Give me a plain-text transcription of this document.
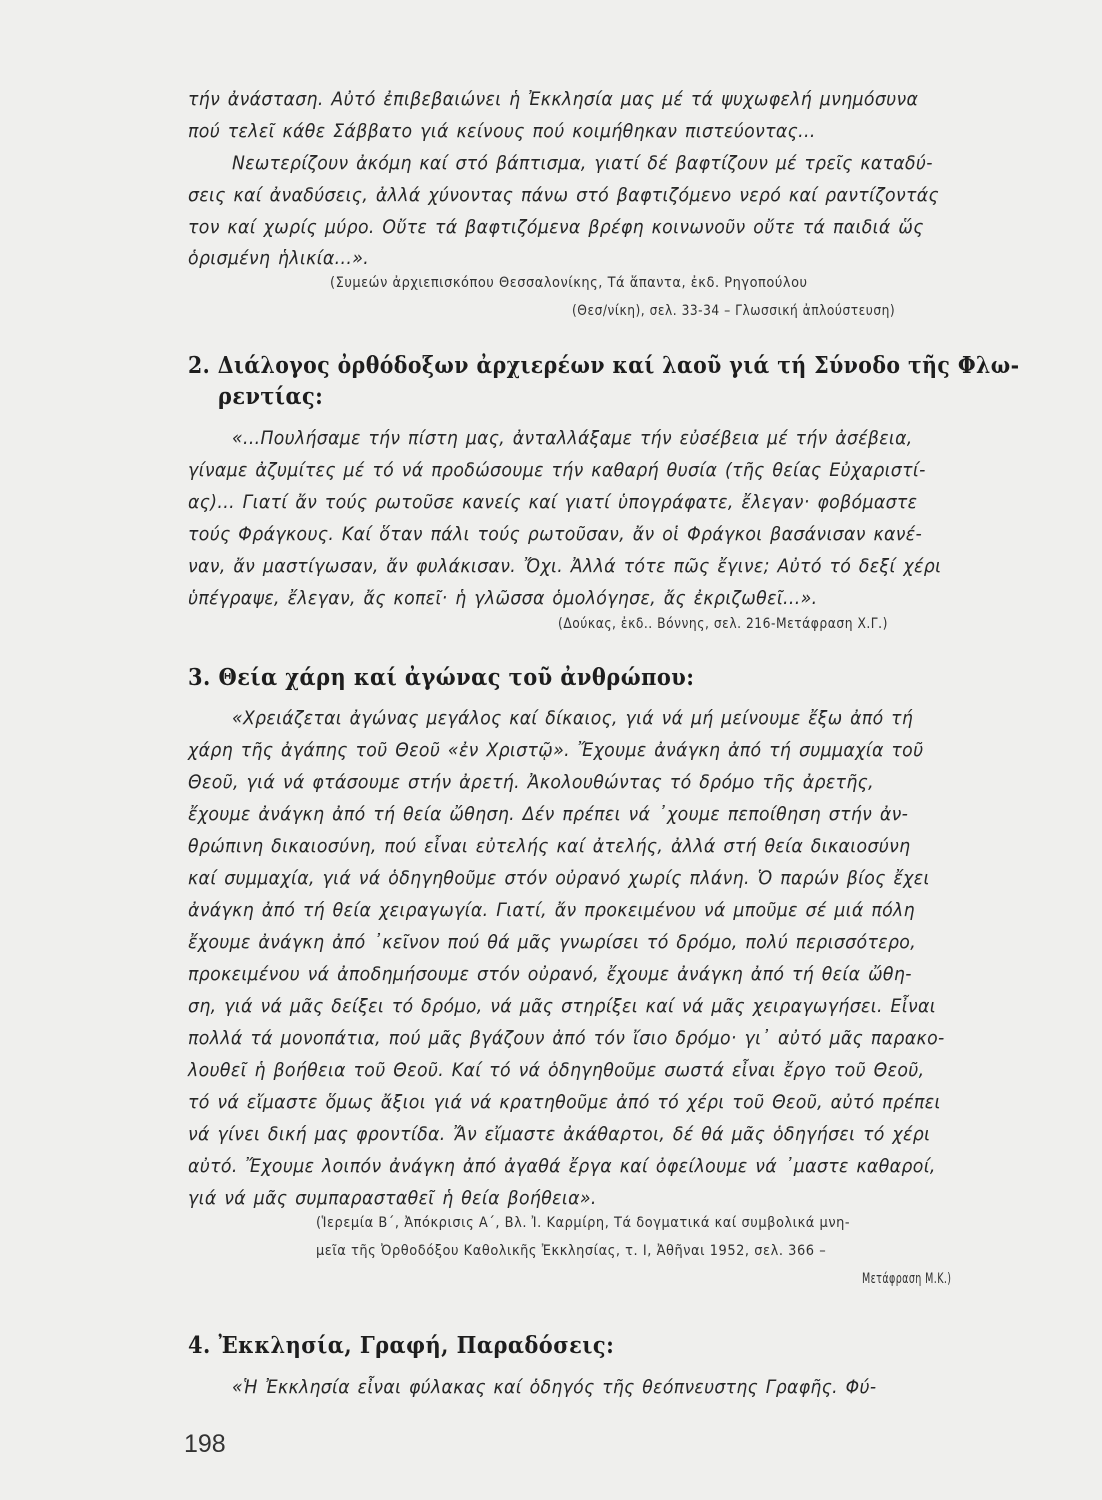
τήν ἀνάσταση. Αὐτό ἐπιβεβαιώνει ἡ Ἐκκλησία μας μέ τά ψυχωφελή μνημόσυνα
πού τελεῖ κάθε Σάββατο γιά κείνους πού κοιμήθηκαν πιστεύοντας...
Νεωτερίζουν ἀκόμη καί στό βάπτισμα, γιατί δέ βαφτίζουν μέ τρεῖς καταδύ-
σεις καί ἀναδύσεις, ἀλλά χύνοντας πάνω στό βαφτιζόμενο νερό καί ραντίζοντάς
τον καί χωρίς μύρο. Οὔτε τά βαφτιζόμενα βρέφη κοινωνοῦν οὔτε τά παιδιά ὥς
ὁρισμένη ἡλικία...».
(Συμεών ἀρχιεπισκόπου Θεσσαλονίκης, Τά ἅπαντα, ἐκδ. Ρηγοπούλου
(Θεσ/νίκη), σελ. 33-34 – Γλωσσική ἀπλούστευση)
2. Διάλογος ὀρθόδοξων ἀρχιερέων καί λαοῦ γιά τή Σύνοδο τῆς Φλω-
ρεντίας:
«...Πουλήσαμε τήν πίστη μας, ἀνταλλάξαμε τήν εὐσέβεια μέ τήν ἀσέβεια,
γίναμε ἀζυμίτες μέ τό νά προδώσουμε τήν καθαρή θυσία (τῆς θείας Εὐχαριστί-
ας)... Γιατί ἄν τούς ρωτοῦσε κανείς καί γιατί ὑπογράφατε, ἔλεγαν· φοβόμαστε
τούς Φράγκους. Καί ὅταν πάλι τούς ρωτοῦσαν, ἄν οἱ Φράγκοι βασάνισαν κανέ-
ναν, ἄν μαστίγωσαν, ἄν φυλάκισαν. Ὄχι. Ἀλλά τότε πῶς ἔγινε; Αὐτό τό δεξί χέρι
ὑπέγραψε, ἔλεγαν, ἄς κοπεῖ· ἡ γλῶσσα ὁμολόγησε, ἄς ἐκριζωθεῖ...».
(Δούκας, ἐκδ.. Βόννης, σελ. 216-Μετάφραση Χ.Γ.)
3. Θεία χάρη καί ἀγώνας τοῦ ἀνθρώπου:
«Χρειάζεται ἀγώνας μεγάλος καί δίκαιος, γιά νά μή μείνουμε ἔξω ἀπό τή
χάρη τῆς ἀγάπης τοῦ Θεοῦ «ἐν Χριστῷ». Ἔχουμε ἀνάγκη ἀπό τή συμμαχία τοῦ
Θεοῦ, γιά νά φτάσουμε στήν ἀρετή. Ἀκολουθώντας τό δρόμο τῆς ἀρετῆς,
ἔχουμε ἀνάγκη ἀπό τή θεία ὤθηση. Δέν πρέπει νά ᾽χουμε πεποίθηση στήν ἀν-
θρώπινη δικαιοσύνη, πού εἶναι εὐτελής καί ἀτελής, ἀλλά στή θεία δικαιοσύνη
καί συμμαχία, γιά νά ὁδηγηθοῦμε στόν οὐρανό χωρίς πλάνη. Ὁ παρών βίος ἔχει
ἀνάγκη ἀπό τή θεία χειραγωγία. Γιατί, ἄν προκειμένου νά μποῦμε σέ μιά πόλη
ἔχουμε ἀνάγκη ἀπό ᾽κεῖνον πού θά μᾶς γνωρίσει τό δρόμο, πολύ περισσότερο,
προκειμένου νά ἀποδημήσουμε στόν οὐρανό, ἔχουμε ἀνάγκη ἀπό τή θεία ὤθη-
ση, γιά νά μᾶς δείξει τό δρόμο, νά μᾶς στηρίξει καί νά μᾶς χειραγωγήσει. Εἶναι
πολλά τά μονοπάτια, πού μᾶς βγάζουν ἀπό τόν ἴσιο δρόμο· γι᾽ αὐτό μᾶς παρακο-
λουθεῖ ἡ βοήθεια τοῦ Θεοῦ. Καί τό νά ὁδηγηθοῦμε σωστά εἶναι ἔργο τοῦ Θεοῦ,
τό νά εἴμαστε ὅμως ἄξιοι γιά νά κρατηθοῦμε ἀπό τό χέρι τοῦ Θεοῦ, αὐτό πρέπει
νά γίνει δική μας φροντίδα. Ἄν εἴμαστε ἀκάθαρτοι, δέ θά μᾶς ὁδηγήσει τό χέρι
αὐτό. Ἔχουμε λοιπόν ἀνάγκη ἀπό ἀγαθά ἔργα καί ὀφείλουμε νά ᾽μαστε καθαροί,
γιά νά μᾶς συμπαρασταθεῖ ἡ θεία βοήθεια».
(Ἱερεμία Β΄, Ἀπόκρισις Α΄, Βλ. Ἰ. Καρμίρη, Τά δογματικά καί συμβολικά μνη-
μεῖα τῆς Ὀρθοδόξου Καθολικῆς Ἐκκλησίας, τ. Ι, Ἀθῆναι 1952, σελ. 366 –
Μετάφραση Μ.Κ.)
4. Ἐκκλησία, Γραφή, Παραδόσεις:
«Ἡ Ἐκκλησία εἶναι φύλακας καί ὁδηγός τῆς θεόπνευστης Γραφῆς. Φύ-
198
